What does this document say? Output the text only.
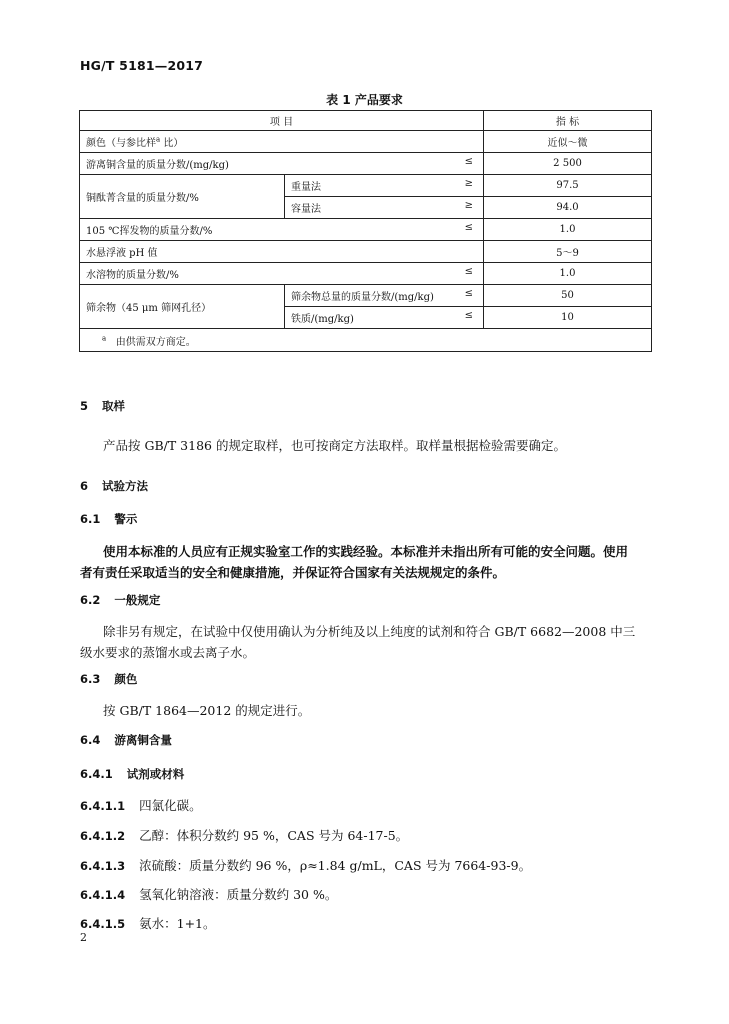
HG/T 5181—2017
表 1 产品要求
项 目		指 标
颜色（与参比样$^a$ 比）		近似～微
游离铜含量的质量分数/(mg/kg) ≤		2 500
铜酞菁含量的质量分数/%	重量法 ≥	97.5
	容量法 ≥	94.0
105 ℃挥发物的质量分数/% ≤		1.0
水悬浮液 pH 值		5～9
水溶物的质量分数/% ≤		1.0
筛余物（45 μm 筛网孔径）	筛余物总量的质量分数/(mg/kg) ≤	50
	铁质/(mg/kg) ≤	10
$^a$ 由供需双方商定。		
5 取样
产品按 GB/T 3186 的规定取样，也可按商定方法取样。取样量根据检验需要确定。
6 试验方法
6.1 警示
使用本标准的人员应有正规实验室工作的实践经验。本标准并未指出所有可能的安全问题。使用
者有责任采取适当的安全和健康措施，并保证符合国家有关法规规定的条件。
6.2 一般规定
除非另有规定，在试验中仅使用确认为分析纯及以上纯度的试剂和符合 GB/T 6682—2008 中三
级水要求的蒸馏水或去离子水。
6.3 颜色
按 GB/T 1864—2012 的规定进行。
6.4 游离铜含量
6.4.1 试剂或材料
6.4.1.1 四氯化碳。
6.4.1.2 乙醇：体积分数约 95 %，CAS 号为 64-17-5。
6.4.1.3 浓硫酸：质量分数约 96 %，ρ≈1.84 g/mL，CAS 号为 7664-93-9。
6.4.1.4 氢氧化钠溶液：质量分数约 30 %。
6.4.1.5 氨水：1+1。
2
